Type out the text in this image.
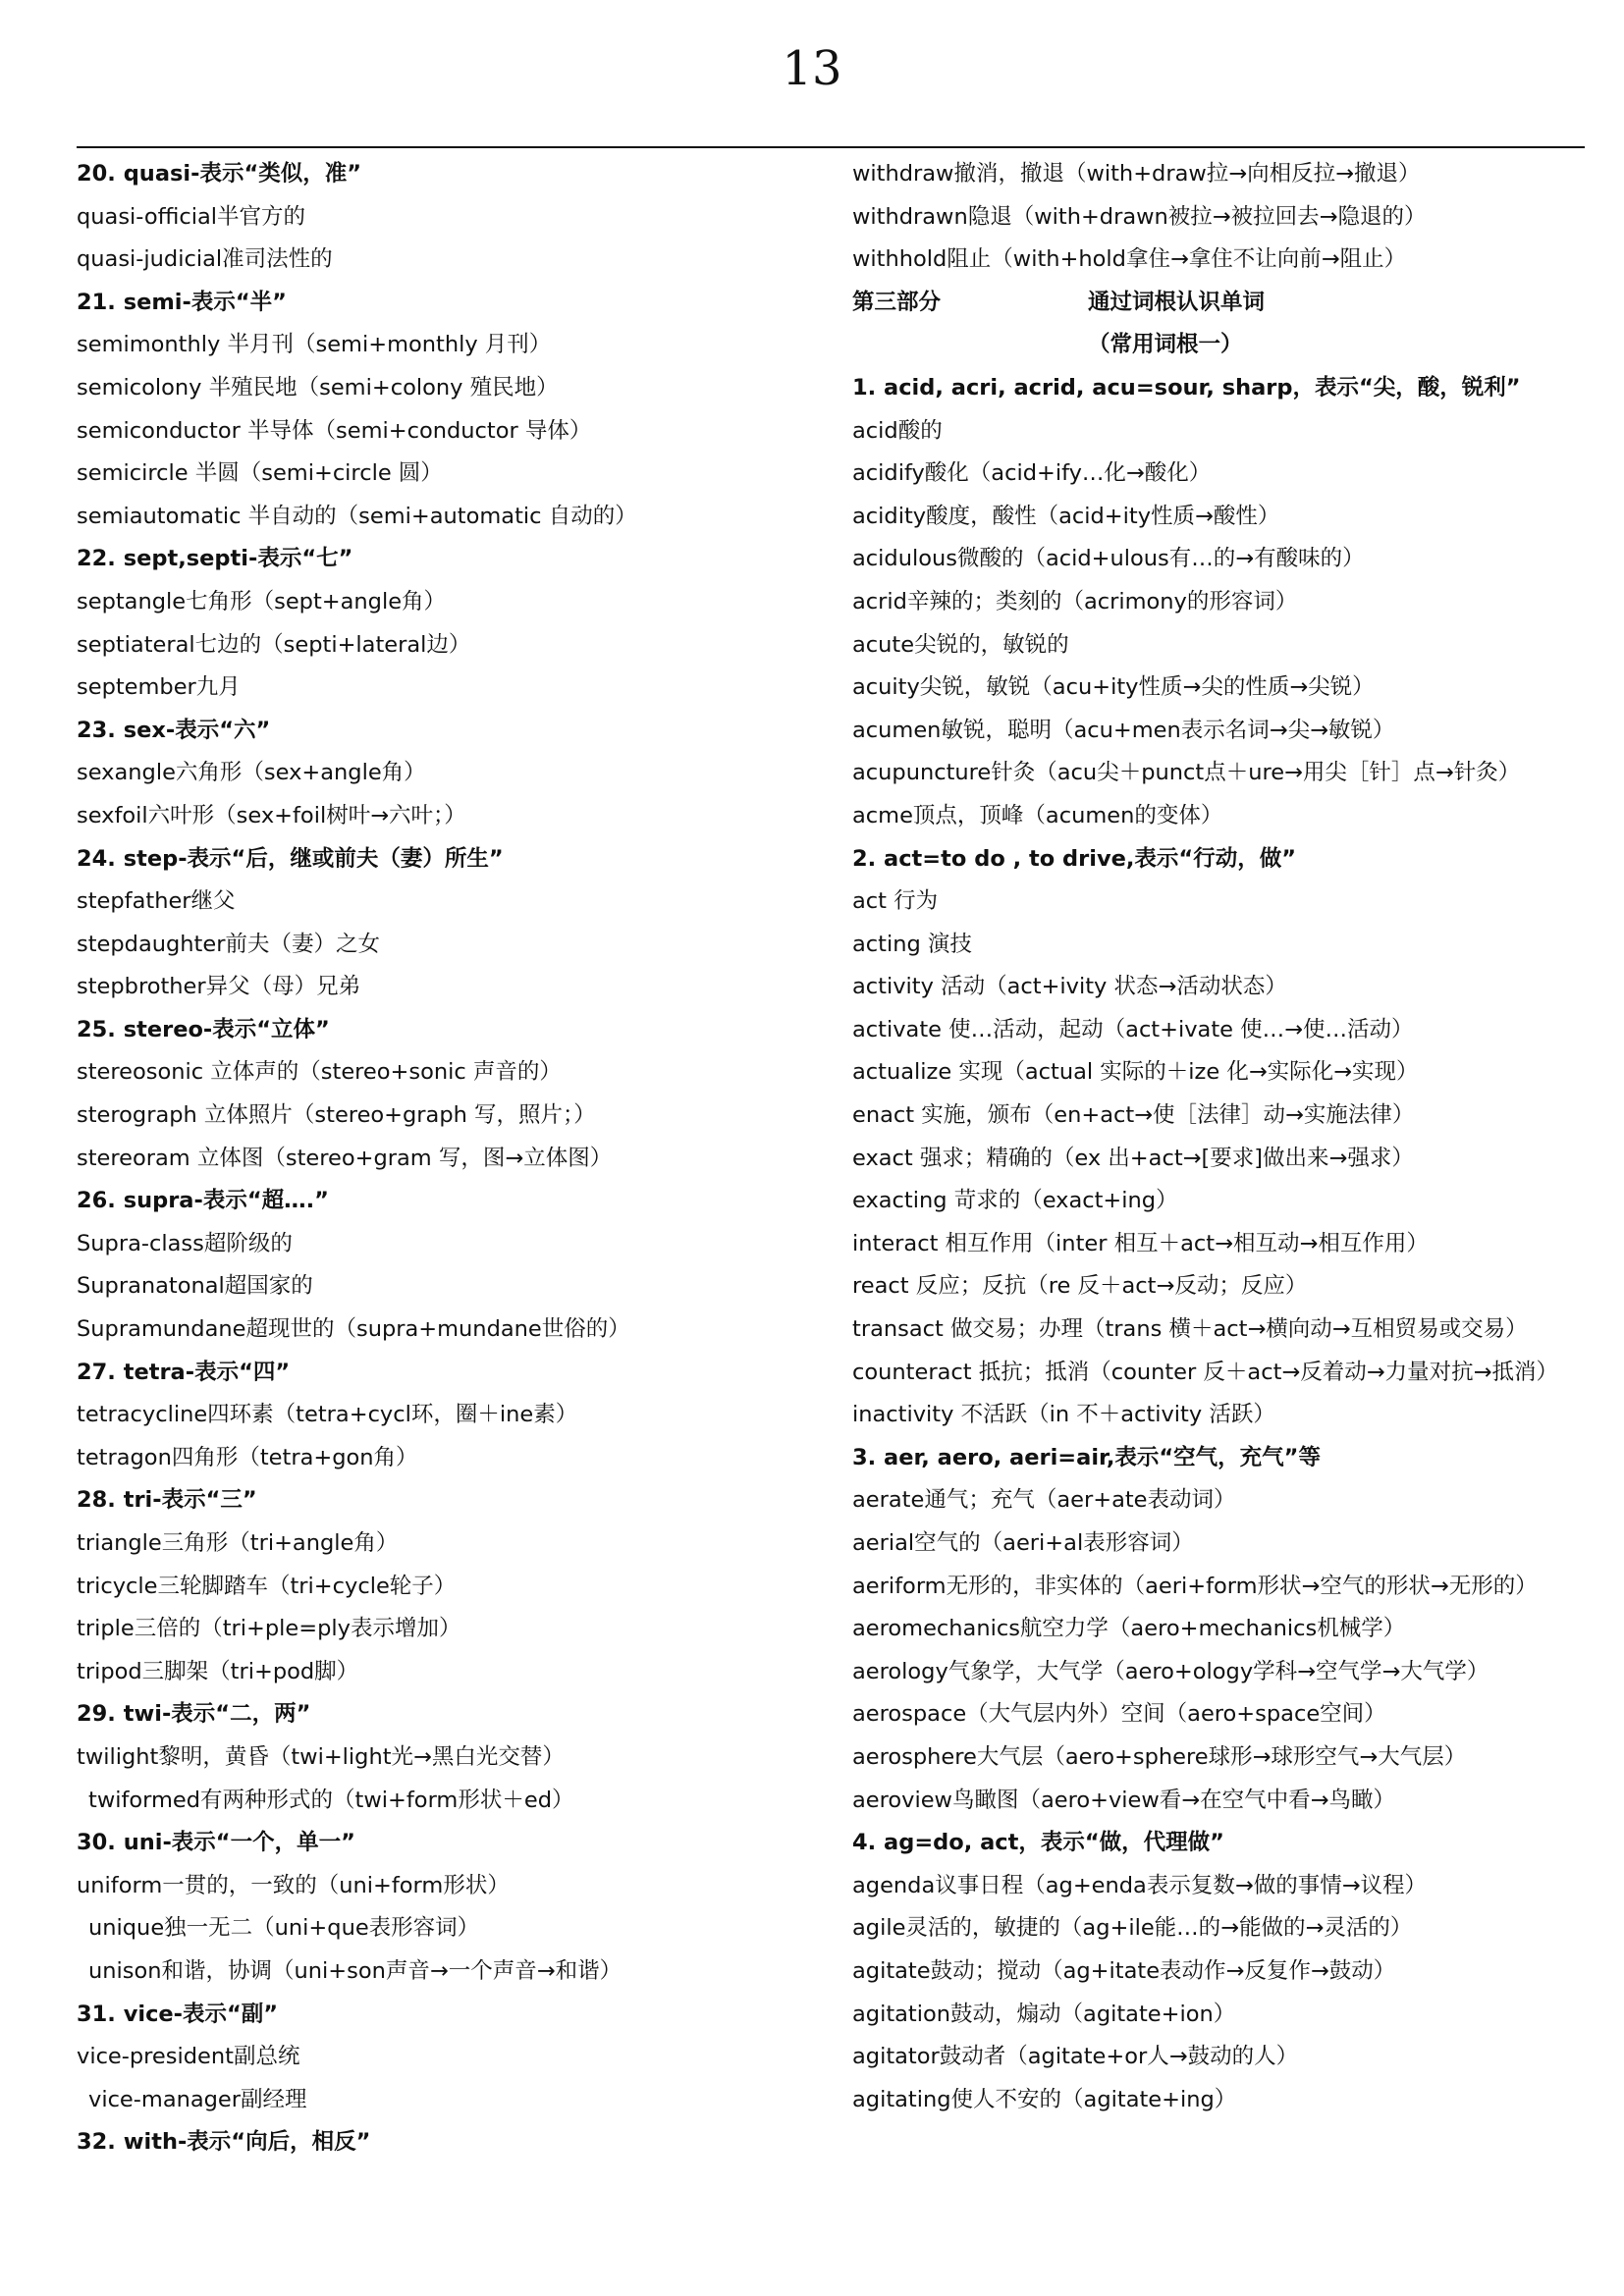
13
20. quasi-表示“类似，准”
quasi-official半官方的
quasi-judicial准司法性的
21. semi-表示“半”
semimonthly 半月刊（semi+monthly 月刊）
semicolony 半殖民地（semi+colony 殖民地）
semiconductor 半导体（semi+conductor 导体）
semicircle 半圆（semi+circle 圆）
semiautomatic 半自动的（semi+automatic 自动的）
22. sept,septi-表示“七”
septangle七角形（sept+angle角）
septiateral七边的（septi+lateral边）
september九月
23. sex-表示“六”
sexangle六角形（sex+angle角）
sexfoil六叶形（sex+foil树叶→六叶；）
24. step-表示“后，继或前夫（妻）所生”
stepfather继父
stepdaughter前夫（妻）之女
stepbrother异父（母）兄弟
25. stereo-表示“立体”
stereosonic 立体声的（stereo+sonic 声音的）
sterograph 立体照片（stereo+graph 写，照片；）
stereoram 立体图（stereo+gram 写，图→立体图）
26. supra-表示“超….”
Supra-class超阶级的
Supranatonal超国家的
Supramundane超现世的（supra+mundane世俗的）
27. tetra-表示“四”
tetracycline四环素（tetra+cycl环，圈＋ine素）
tetragon四角形（tetra+gon角）
28. tri-表示“三”
triangle三角形（tri+angle角）
tricycle三轮脚踏车（tri+cycle轮子）
triple三倍的（tri+ple=ply表示增加）
tripod三脚架（tri+pod脚）
29. twi-表示“二，两”
twilight黎明，黄昏（twi+light光→黑白光交替）
twiformed有两种形式的（twi+form形状＋ed）
30. uni-表示“一个，单一”
uniform一贯的，一致的（uni+form形状）
unique独一无二（uni+que表形容词）
unison和谐，协调（uni+son声音→一个声音→和谐）
31. vice-表示“副”
vice-president副总统
vice-manager副经理
32. with-表示“向后，相反”
withdraw撤消，撤退（with+draw拉→向相反拉→撤退）
withdrawn隐退（with+drawn被拉→被拉回去→隐退的）
withhold阻止（with+hold拿住→拿住不让向前→阻止）
第三部分	通过词根认识单词
（常用词根一）
1. acid, acri, acrid, acu=sour, sharp，表示“尖，酸，锐利”
acid酸的
acidify酸化（acid+ify…化→酸化）
acidity酸度，酸性（acid+ity性质→酸性）
acidulous微酸的（acid+ulous有…的→有酸味的）
acrid辛辣的；类刻的（acrimony的形容词）
acute尖锐的，敏锐的
acuity尖锐，敏锐（acu+ity性质→尖的性质→尖锐）
acumen敏锐，聪明（acu+men表示名词→尖→敏锐）
acupuncture针灸（acu尖＋punct点＋ure→用尖［针］点→针灸）
acme顶点，顶峰（acumen的变体）
2. act=to do , to drive,表示“行动，做”
act 行为
acting 演技
activity 活动（act+ivity 状态→活动状态）
activate 使…活动，起动（act+ivate 使…→使…活动）
actualize 实现（actual 实际的＋ize 化→实际化→实现）
enact 实施，颁布（en+act→使［法律］动→实施法律）
exact 强求；精确的（ex 出+act→[要求]做出来→强求）
exacting 苛求的（exact+ing）
interact 相互作用（inter 相互＋act→相互动→相互作用）
react 反应；反抗（re 反＋act→反动；反应）
transact 做交易；办理（trans 横＋act→横向动→互相贸易或交易）
counteract 抵抗；抵消（counter 反＋act→反着动→力量对抗→抵消）
inactivity 不活跃（in 不＋activity 活跃）
3. aer, aero, aeri=air,表示“空气，充气”等
aerate通气；充气（aer+ate表动词）
aerial空气的（aeri+al表形容词）
aeriform无形的，非实体的（aeri+form形状→空气的形状→无形的）
aeromechanics航空力学（aero+mechanics机械学）
aerology气象学，大气学（aero+ology学科→空气学→大气学）
aerospace（大气层内外）空间（aero+space空间）
aerosphere大气层（aero+sphere球形→球形空气→大气层）
aeroview鸟瞰图（aero+view看→在空气中看→鸟瞰）
4. ag=do, act，表示“做，代理做”
agenda议事日程（ag+enda表示复数→做的事情→议程）
agile灵活的，敏捷的（ag+ile能…的→能做的→灵活的）
agitate鼓动；搅动（ag+itate表动作→反复作→鼓动）
agitation鼓动，煽动（agitate+ion）
agitator鼓动者（agitate+or人→鼓动的人）
agitating使人不安的（agitate+ing）
